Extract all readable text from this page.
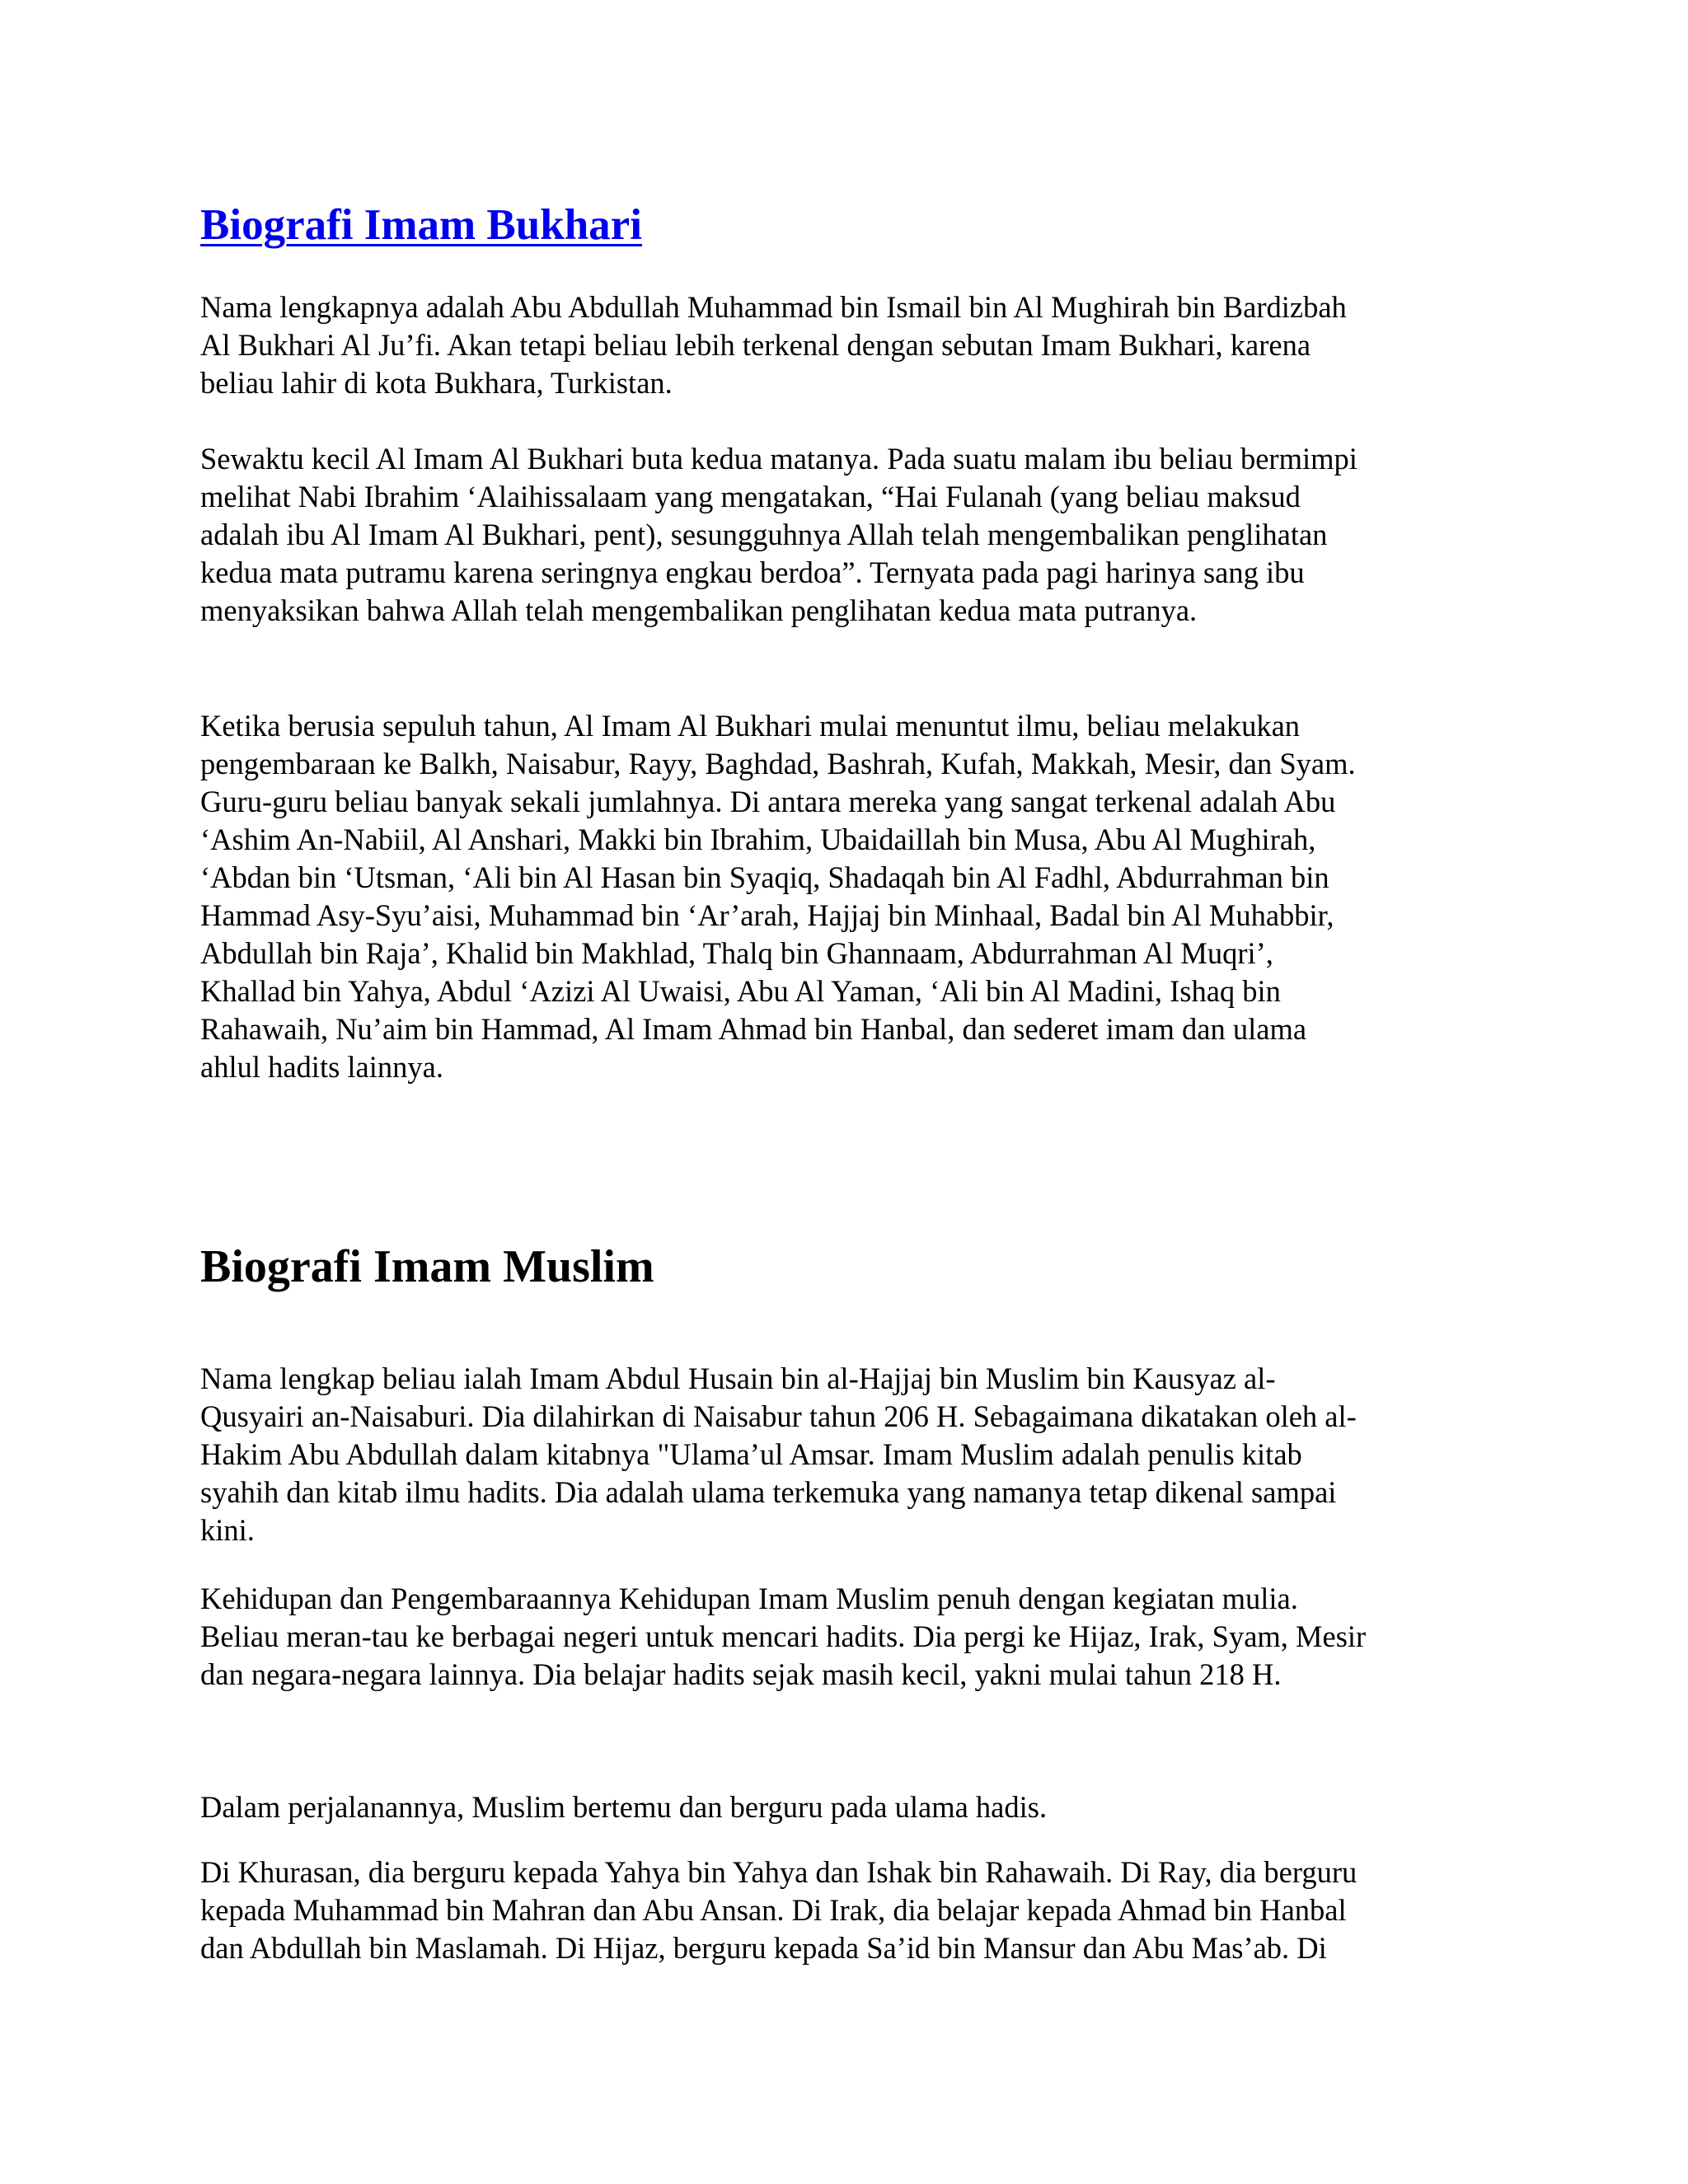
Biografi Imam Bukhari
Nama lengkapnya adalah Abu Abdullah Muhammad bin Ismail bin Al Mughirah bin Bardizbah
Al Bukhari Al Ju’fi. Akan tetapi beliau lebih terkenal dengan sebutan Imam Bukhari, karena
beliau lahir di kota Bukhara, Turkistan.
Sewaktu kecil Al Imam Al Bukhari buta kedua matanya. Pada suatu malam ibu beliau bermimpi
melihat Nabi Ibrahim ‘Alaihissalaam yang mengatakan, “Hai Fulanah (yang beliau maksud
adalah ibu Al Imam Al Bukhari, pent), sesungguhnya Allah telah mengembalikan penglihatan
kedua mata putramu karena seringnya engkau berdoa”. Ternyata pada pagi harinya sang ibu
menyaksikan bahwa Allah telah mengembalikan penglihatan kedua mata putranya.
Ketika berusia sepuluh tahun, Al Imam Al Bukhari mulai menuntut ilmu, beliau melakukan
pengembaraan ke Balkh, Naisabur, Rayy, Baghdad, Bashrah, Kufah, Makkah, Mesir, dan Syam.
Guru-guru beliau banyak sekali jumlahnya. Di antara mereka yang sangat terkenal adalah Abu
‘Ashim An-Nabiil, Al Anshari, Makki bin Ibrahim, Ubaidaillah bin Musa, Abu Al Mughirah,
‘Abdan bin ‘Utsman, ‘Ali bin Al Hasan bin Syaqiq, Shadaqah bin Al Fadhl, Abdurrahman bin
Hammad Asy-Syu’aisi, Muhammad bin ‘Ar’arah, Hajjaj bin Minhaal, Badal bin Al Muhabbir,
Abdullah bin Raja’, Khalid bin Makhlad, Thalq bin Ghannaam, Abdurrahman Al Muqri’,
Khallad bin Yahya, Abdul ‘Azizi Al Uwaisi, Abu Al Yaman, ‘Ali bin Al Madini, Ishaq bin
Rahawaih, Nu’aim bin Hammad, Al Imam Ahmad bin Hanbal, dan sederet imam dan ulama
ahlul hadits lainnya.
Biografi Imam Muslim
Nama lengkap beliau ialah Imam Abdul Husain bin al-Hajjaj bin Muslim bin Kausyaz al-
Qusyairi an-Naisaburi. Dia dilahirkan di Naisabur tahun 206 H. Sebagaimana dikatakan oleh al-
Hakim Abu Abdullah dalam kitabnya "Ulama’ul Amsar. Imam Muslim adalah penulis kitab
syahih dan kitab ilmu hadits. Dia adalah ulama terkemuka yang namanya tetap dikenal sampai
kini.
Kehidupan dan Pengembaraannya Kehidupan Imam Muslim penuh dengan kegiatan mulia.
Beliau meran-tau ke berbagai negeri untuk mencari hadits. Dia pergi ke Hijaz, Irak, Syam, Mesir
dan negara-negara lainnya. Dia belajar hadits sejak masih kecil, yakni mulai tahun 218 H.
Dalam perjalanannya, Muslim bertemu dan berguru pada ulama hadis.
Di Khurasan, dia berguru kepada Yahya bin Yahya dan Ishak bin Rahawaih. Di Ray, dia berguru
kepada Muhammad bin Mahran dan Abu Ansan. Di Irak, dia belajar kepada Ahmad bin Hanbal
dan Abdullah bin Maslamah. Di Hijaz, berguru kepada Sa’id bin Mansur dan Abu Mas’ab. Di
